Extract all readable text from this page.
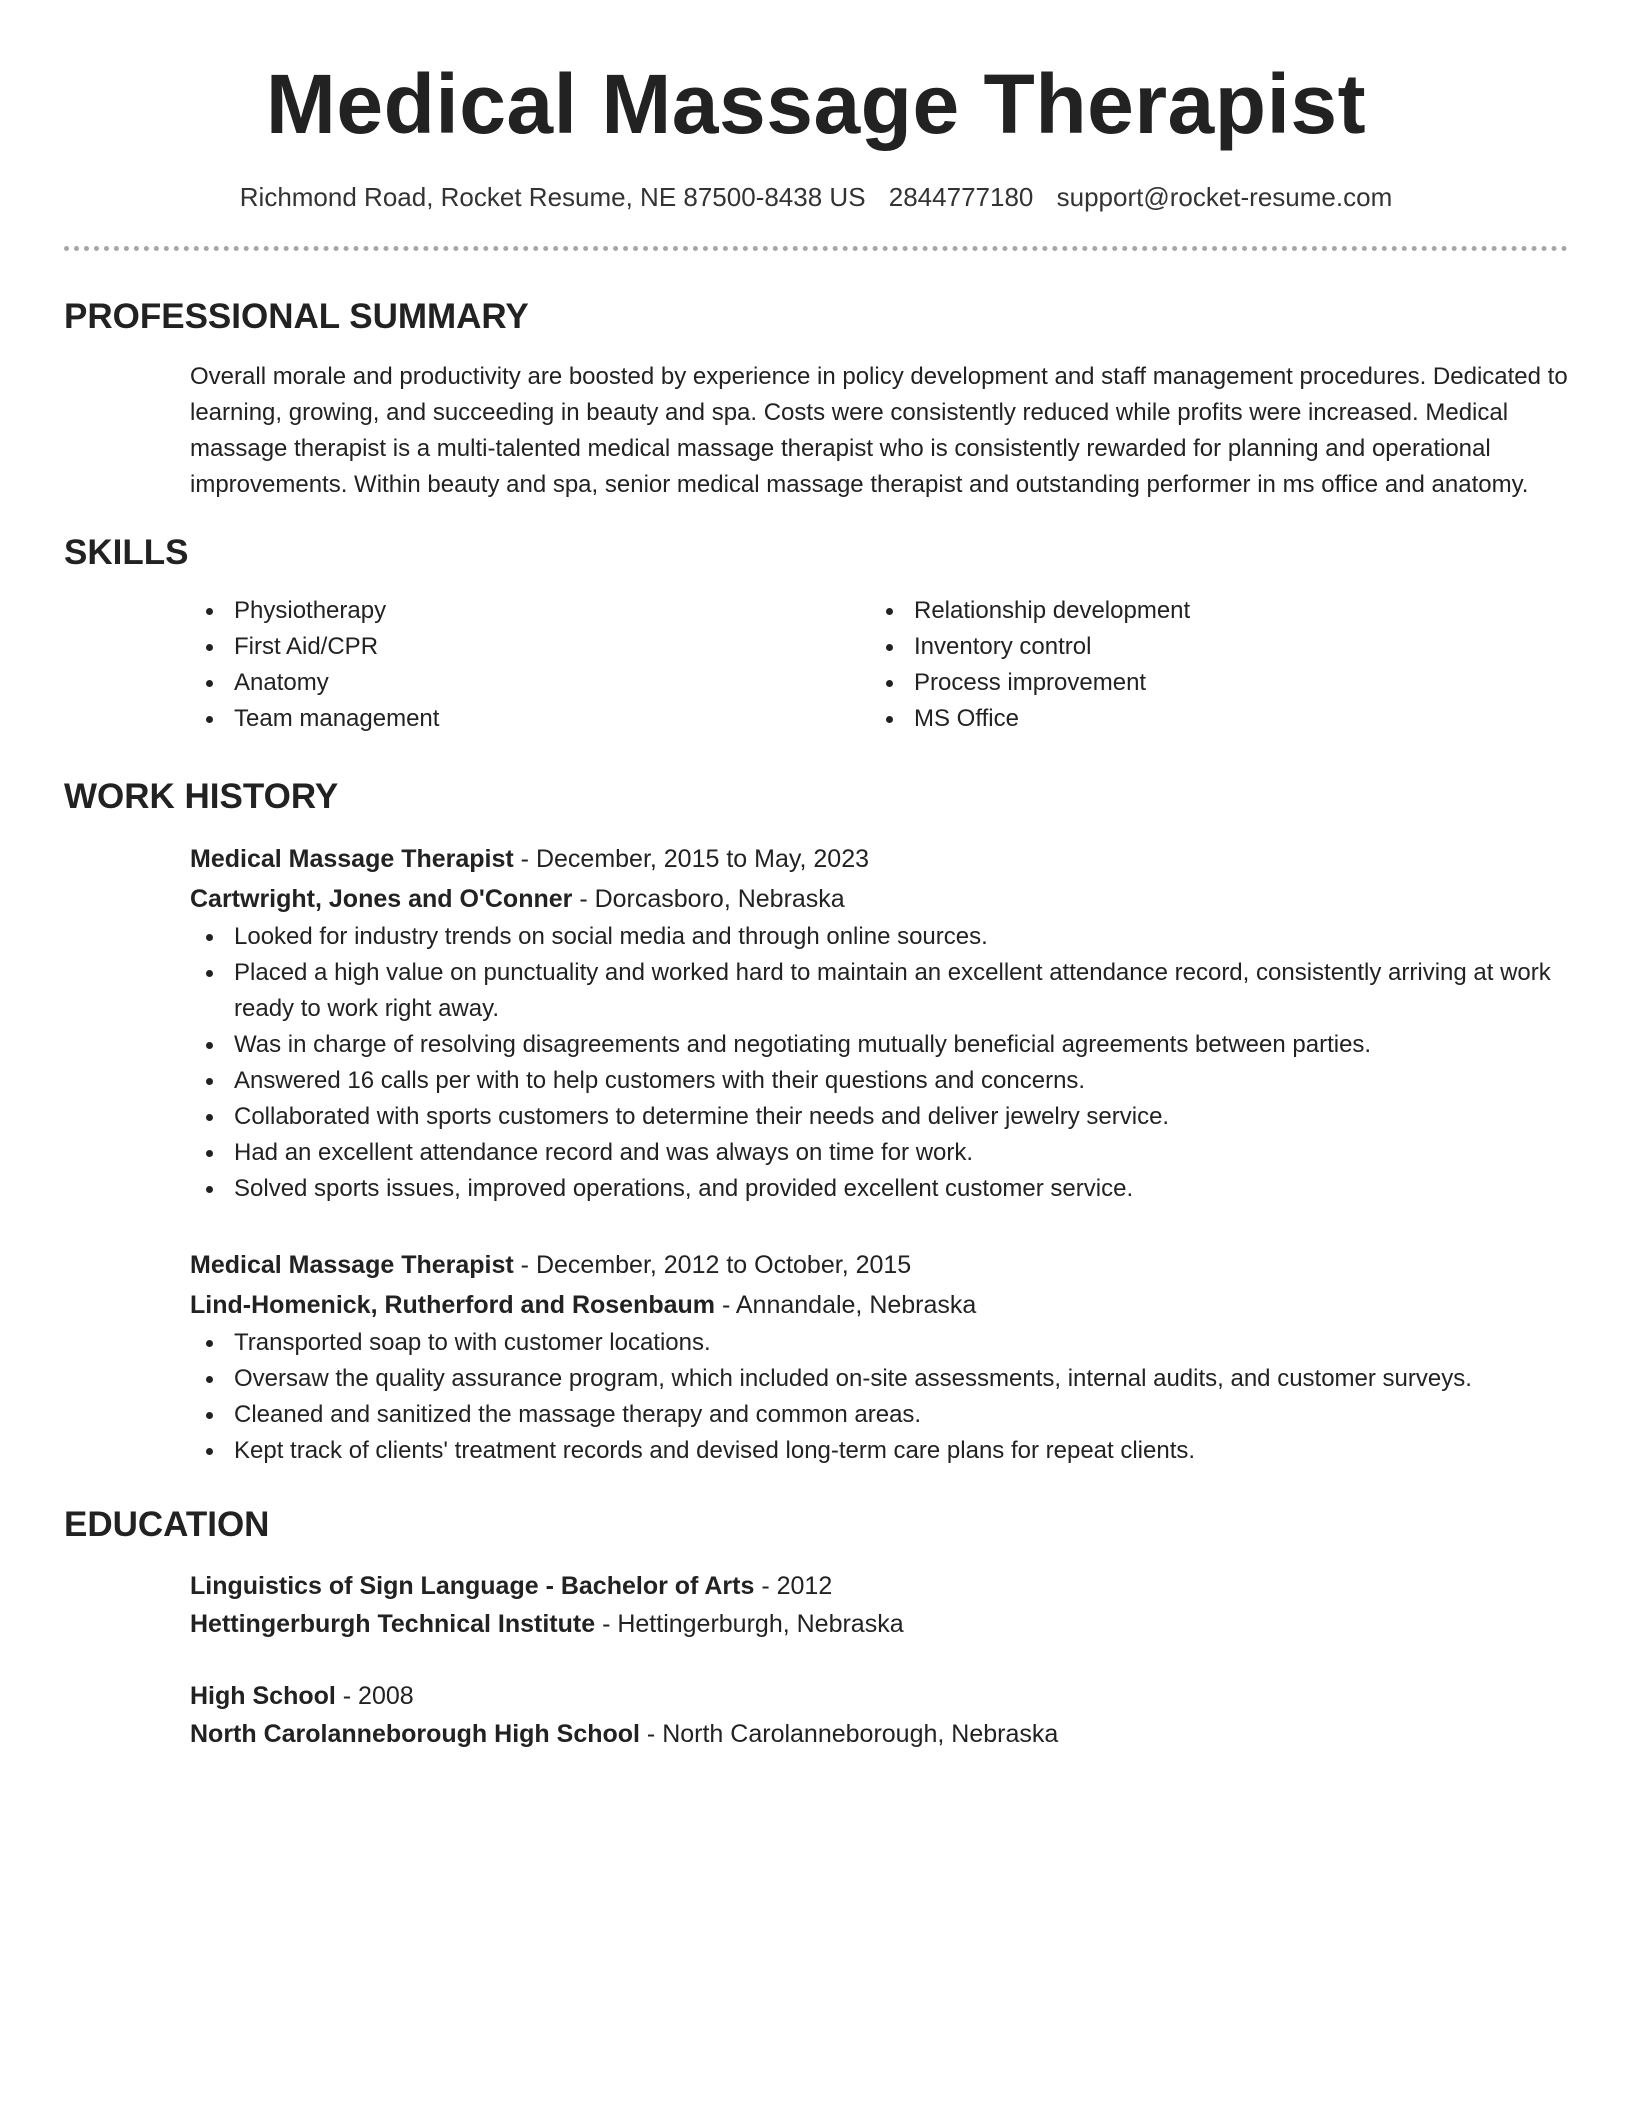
Medical Massage Therapist
Richmond Road, Rocket Resume, NE 87500-8438 US 2844777180 support@rocket-resume.com
PROFESSIONAL SUMMARY

Overall morale and productivity are boosted by experience in policy development and staff management procedures. Dedicated to learning, growing, and succeeding in beauty and spa. Costs were consistently reduced while profits were increased. Medical massage therapist is a multi-talented medical massage therapist who is consistently rewarded for planning and operational improvements. Within beauty and spa, senior medical massage therapist and outstanding performer in ms office and anatomy.

SKILLS
Physiotherapy
First Aid/CPR
Anatomy
Team management
Relationship development
Inventory control
Process improvement
MS Office
WORK HISTORY
Medical Massage Therapist - December, 2015 to May, 2023
Cartwright, Jones and O'Conner - Dorcasboro, Nebraska
Looked for industry trends on social media and through online sources.
Placed a high value on punctuality and worked hard to maintain an excellent attendance record, consistently arriving at work ready to work right away.
Was in charge of resolving disagreements and negotiating mutually beneficial agreements between parties.
Answered 16 calls per with to help customers with their questions and concerns.
Collaborated with sports customers to determine their needs and deliver jewelry service.
Had an excellent attendance record and was always on time for work.
Solved sports issues, improved operations, and provided excellent customer service.
Medical Massage Therapist - December, 2012 to October, 2015
Lind-Homenick, Rutherford and Rosenbaum - Annandale, Nebraska
Transported soap to with customer locations.
Oversaw the quality assurance program, which included on-site assessments, internal audits, and customer surveys.
Cleaned and sanitized the massage therapy and common areas.
Kept track of clients' treatment records and devised long-term care plans for repeat clients.
EDUCATION
Linguistics of Sign Language - Bachelor of Arts - 2012
Hettingerburgh Technical Institute - Hettingerburgh, Nebraska
High School - 2008
North Carolanneborough High School - North Carolanneborough, Nebraska
